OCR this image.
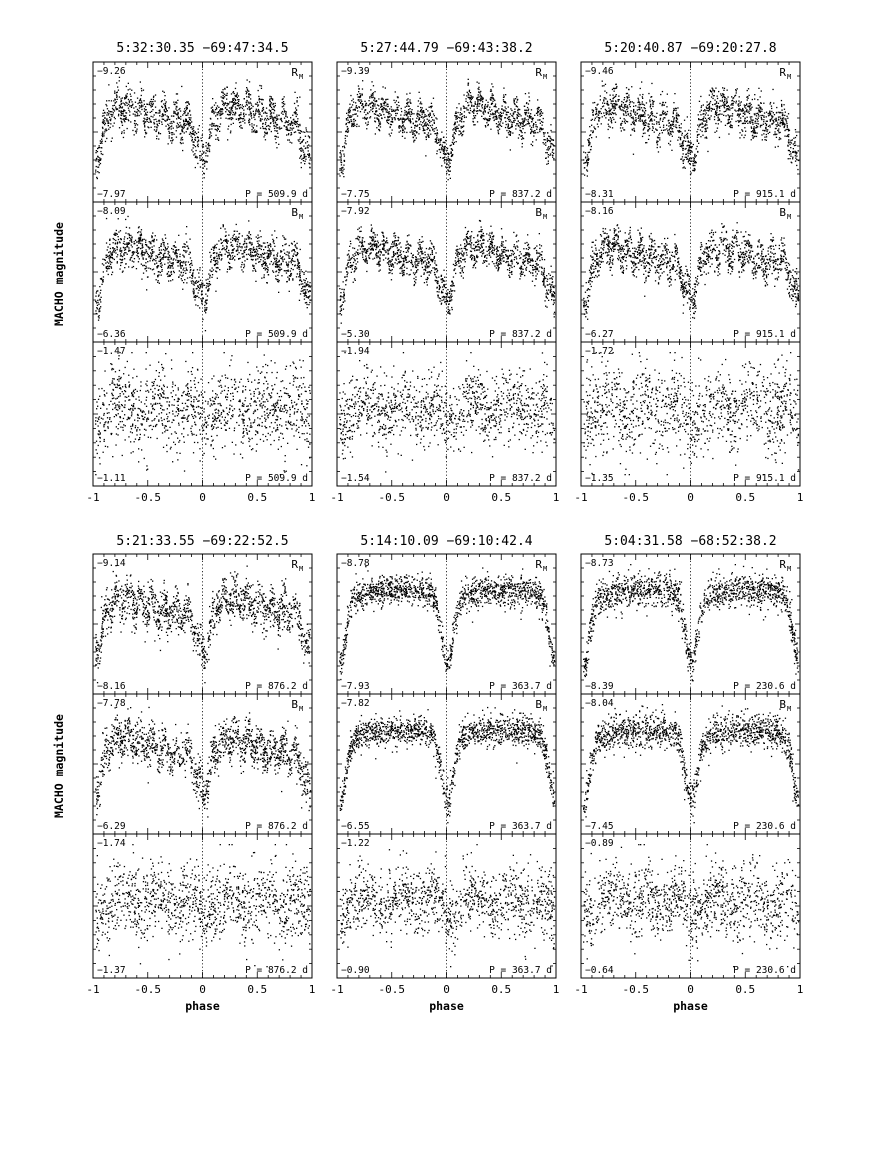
5:32:30.35 −69:47:34.5
−9.26
−7.97	P = 509.9 d
R M
−8.09
−6.36	P = 509.9 d
B M
−1.47
−1.11	P = 509.9 d
-1	-0.5	0	0.5	1
5:27:44.79 −69:43:38.2
−9.39
−7.75	P = 837.2 d
R M
−7.92
−5.30	P = 837.2 d
B M
−1.94
−1.54	P = 837.2 d
-1	-0.5	0	0.5	1
5:20:40.87 −69:20:27.8
−9.46
−8.31	P = 915.1 d
R M
−8.16
−6.27	P = 915.1 d
B M
−1.72
−1.35	P = 915.1 d
-1	-0.5	0	0.5	1
5:21:33.55 −69:22:52.5
−9.14
−8.16	P = 876.2 d
R M
−7.78
−6.29	P = 876.2 d
B M
−1.74
−1.37	P = 876.2 d
-1	-0.5	0	0.5	1
5:14:10.09 −69:10:42.4
−8.78
−7.93	P = 363.7 d
R M
−7.82
−6.55	P = 363.7 d
B M
−1.22
−0.90	P = 363.7 d
-1	-0.5	0	0.5	1
5:04:31.58 −68:52:38.2
−8.73
−8.39	P = 230.6 d
R M
−8.04
−7.45	P = 230.6 d
B M
−0.89
−0.64	P = 230.6 d
-1	-0.5	0	0.5	1
MACHO magnitude
MACHO magnitude
phase	phase	phase
